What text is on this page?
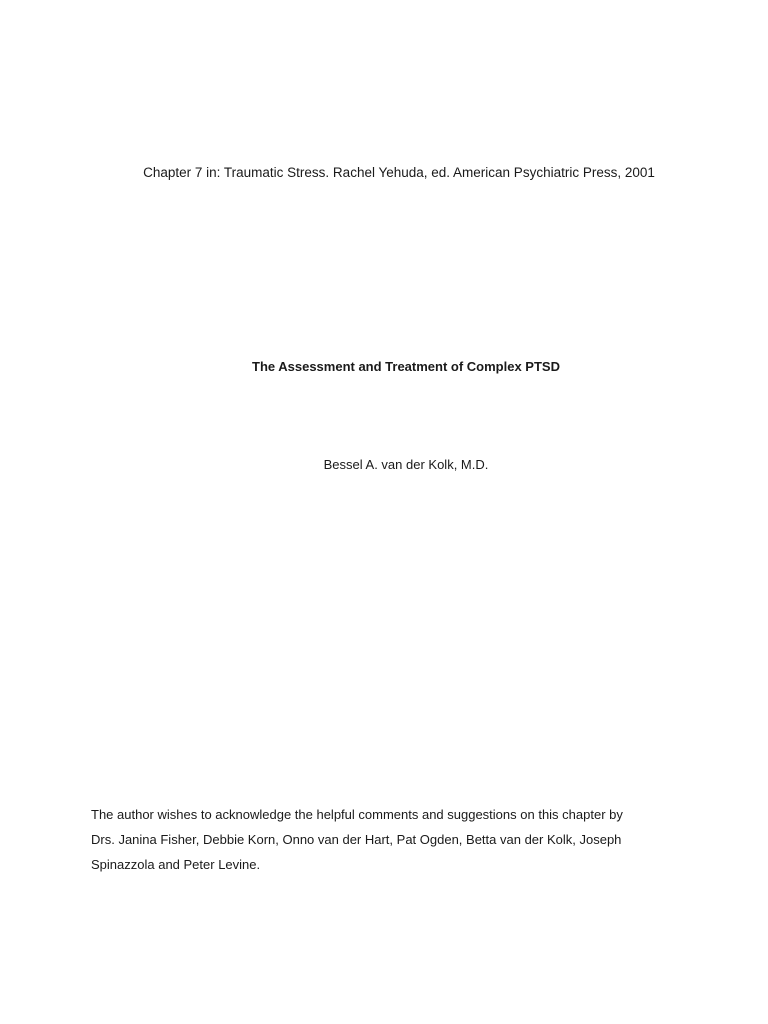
Chapter 7 in: Traumatic Stress. Rachel Yehuda, ed. American Psychiatric Press, 2001
The Assessment and Treatment of Complex PTSD
Bessel A. van der Kolk, M.D.
The author wishes to acknowledge the helpful comments and suggestions on this chapter by
Drs. Janina Fisher, Debbie Korn, Onno van der Hart, Pat Ogden, Betta van der Kolk, Joseph
Spinazzola and Peter Levine.
